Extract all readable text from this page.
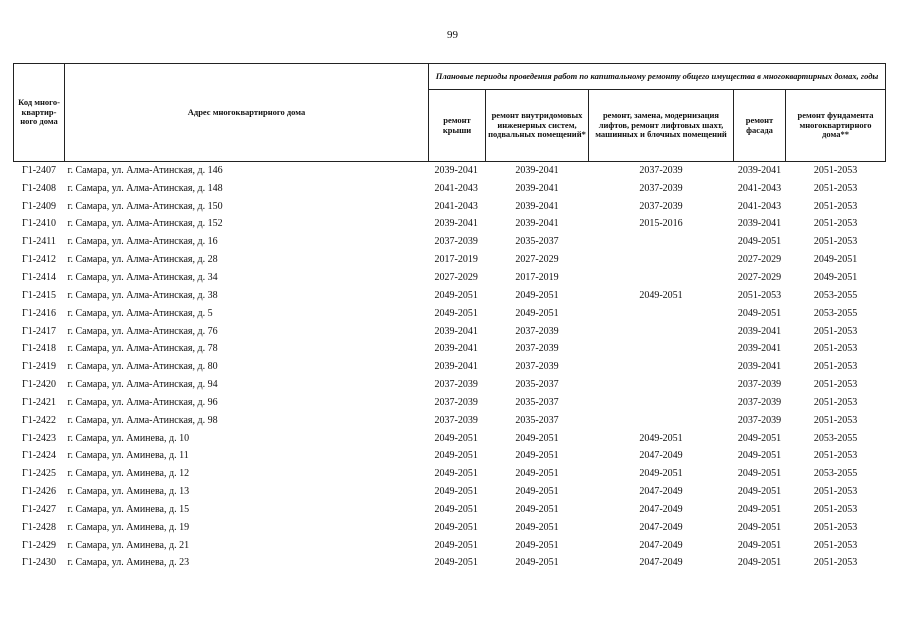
99
Код много-квартир-ного дома	Адрес многоквартирного дома	Плановые периоды проведения работ по капитальному ремонту общего имущества в многоквартирных домах, годы				
		ремонт крыши	ремонт внутридомовых инженерных систем, подвальных помещений*	ремонт, замена, модернизация лифтов, ремонт лифтовых шахт, машинных и блочных помещений	ремонт фасада	ремонт фундамента многоквартирного дома**
Г1-2407	г. Самара, ул. Алма-Атинская, д. 146	2039-2041	2039-2041	2037-2039	2039-2041	2051-2053
Г1-2408	г. Самара, ул. Алма-Атинская, д. 148	2041-2043	2039-2041	2037-2039	2041-2043	2051-2053
Г1-2409	г. Самара, ул. Алма-Атинская, д. 150	2041-2043	2039-2041	2037-2039	2041-2043	2051-2053
Г1-2410	г. Самара, ул. Алма-Атинская, д. 152	2039-2041	2039-2041	2015-2016	2039-2041	2051-2053
Г1-2411	г. Самара, ул. Алма-Атинская, д. 16	2037-2039	2035-2037		2049-2051	2051-2053
Г1-2412	г. Самара, ул. Алма-Атинская, д. 28	2017-2019	2027-2029		2027-2029	2049-2051
Г1-2414	г. Самара, ул. Алма-Атинская, д. 34	2027-2029	2017-2019		2027-2029	2049-2051
Г1-2415	г. Самара, ул. Алма-Атинская, д. 38	2049-2051	2049-2051	2049-2051	2051-2053	2053-2055
Г1-2416	г. Самара, ул. Алма-Атинская, д. 5	2049-2051	2049-2051		2049-2051	2053-2055
Г1-2417	г. Самара, ул. Алма-Атинская, д. 76	2039-2041	2037-2039		2039-2041	2051-2053
Г1-2418	г. Самара, ул. Алма-Атинская, д. 78	2039-2041	2037-2039		2039-2041	2051-2053
Г1-2419	г. Самара, ул. Алма-Атинская, д. 80	2039-2041	2037-2039		2039-2041	2051-2053
Г1-2420	г. Самара, ул. Алма-Атинская, д. 94	2037-2039	2035-2037		2037-2039	2051-2053
Г1-2421	г. Самара, ул. Алма-Атинская, д. 96	2037-2039	2035-2037		2037-2039	2051-2053
Г1-2422	г. Самара, ул. Алма-Атинская, д. 98	2037-2039	2035-2037		2037-2039	2051-2053
Г1-2423	г. Самара, ул. Аминева, д. 10	2049-2051	2049-2051	2049-2051	2049-2051	2053-2055
Г1-2424	г. Самара, ул. Аминева, д. 11	2049-2051	2049-2051	2047-2049	2049-2051	2051-2053
Г1-2425	г. Самара, ул. Аминева, д. 12	2049-2051	2049-2051	2049-2051	2049-2051	2053-2055
Г1-2426	г. Самара, ул. Аминева, д. 13	2049-2051	2049-2051	2047-2049	2049-2051	2051-2053
Г1-2427	г. Самара, ул. Аминева, д. 15	2049-2051	2049-2051	2047-2049	2049-2051	2051-2053
Г1-2428	г. Самара, ул. Аминева, д. 19	2049-2051	2049-2051	2047-2049	2049-2051	2051-2053
Г1-2429	г. Самара, ул. Аминева, д. 21	2049-2051	2049-2051	2047-2049	2049-2051	2051-2053
Г1-2430	г. Самара, ул. Аминева, д. 23	2049-2051	2049-2051	2047-2049	2049-2051	2051-2053
